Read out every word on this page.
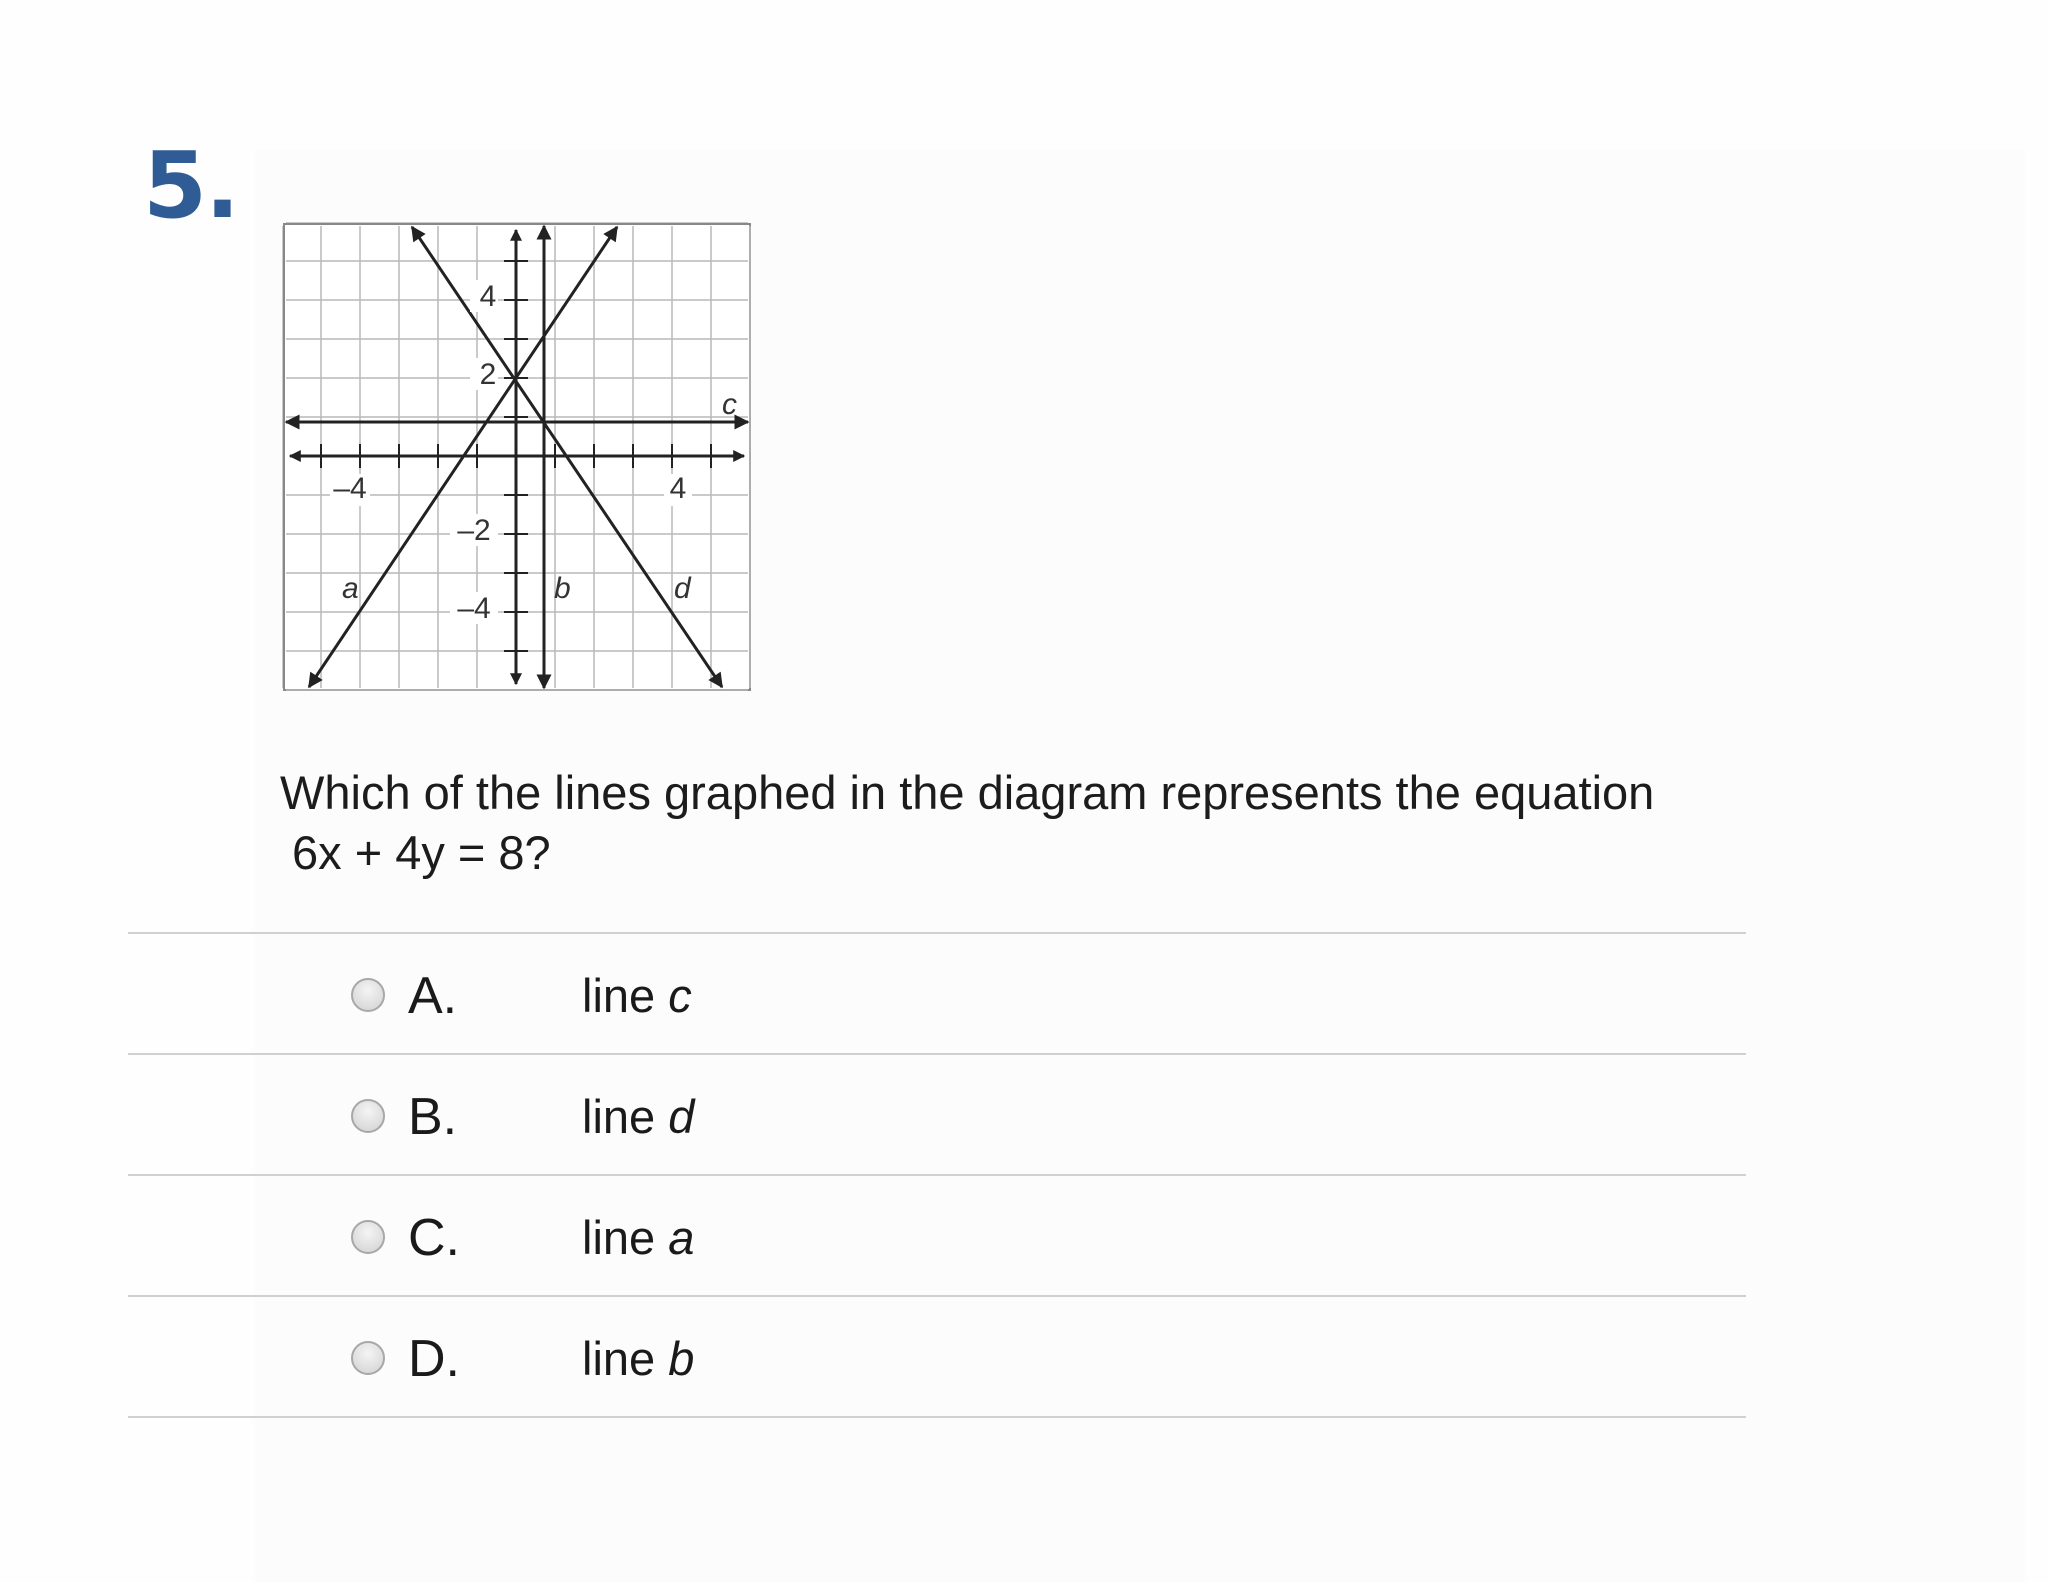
5.
–4	4
4
2
–2
–4
a	b
c
d
Which of the lines graphed in the diagram represents the equation
6x + 4y = 8?
A.	line c
B.	line d
C.	line a
D.	line b
